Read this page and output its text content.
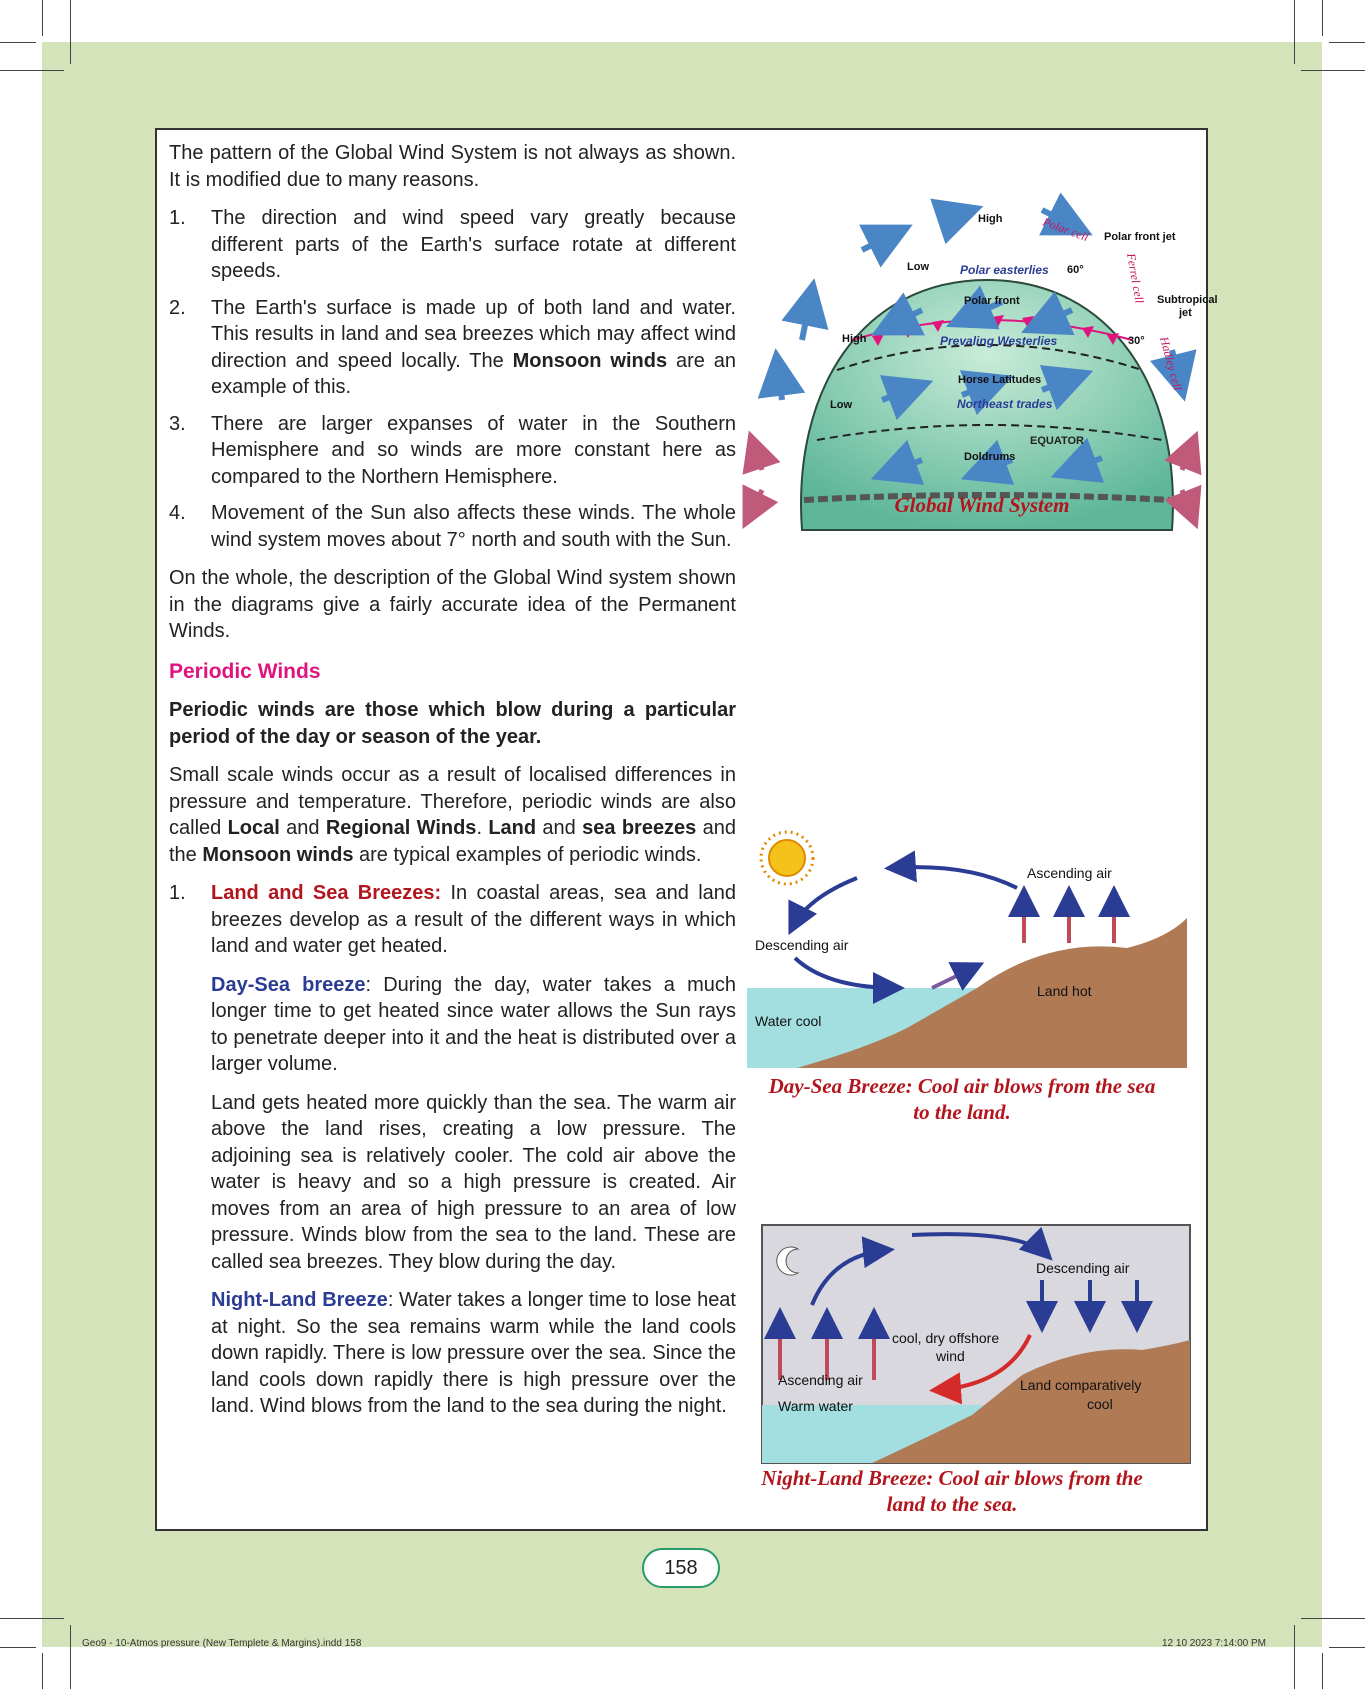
The pattern of the Global Wind System is not always as shown. It is modified due to many reasons.

1. The direction and wind speed vary greatly because different parts of the Earth's surface rotate at different speeds.
2. The Earth's surface is made up of both land and water. This results in land and sea breezes which may affect wind direction and speed locally. The Monsoon winds are an example of this.
3. There are larger expanses of water in the Southern Hemisphere and so winds are more constant here as compared to the Northern Hemisphere.
4. Movement of the Sun also affects these winds. The whole wind system moves about 7° north and south with the Sun.

On the whole, the description of the Global Wind system shown in the diagrams give a fairly accurate idea of the Permanent Winds.

Periodic Winds

Periodic winds are those which blow during a particular period of the day or season of the year.

Small scale winds occur as a result of localised differences in pressure and temperature. Therefore, periodic winds are also called Local and Regional Winds. Land and sea breezes and the Monsoon winds are typical examples of periodic winds.

1. Land and Sea Breezes: In coastal areas, sea and land breezes develop as a result of the different ways in which land and water get heated.

Day-Sea breeze: During the day, water takes a much longer time to get heated since water allows the Sun rays to penetrate deeper into it and the heat is distributed over a larger volume.

Land gets heated more quickly than the sea. The warm air above the land rises, creating a low pressure. The adjoining sea is relatively cooler. The cold air above the water is heavy and so a high pressure is created. Air moves from an area of high pressure to an area of low pressure. Winds blow from the sea to the land. These are called sea breezes. They blow during the day.

Night-Land Breeze: Water takes a longer time to lose heat at night. So the sea remains warm while the land cools down rapidly. There is low pressure over the sea. Since the land cools down rapidly there is high pressure over the land. Wind blows from the land to the sea during the night.

High	Polar cell Polar front jet
Low	Polar easterlies 60°	Ferrel cell
Polar front	Subtropical
jet
High	Prevaling Westerlies	30° Hadley cell
Horse Latitudes
Low	Northeast trades
EQUATOR
Doldrums
Global Wind System
Ascending air
Descending air
Land hot
Water cool
Day-Sea Breeze: Cool air blows from the sea
to the land.
Descending air
cool, dry offshore
wind
Ascending air
Warm water
Land comparatively
cool
Night-Land Breeze: Cool air blows from the
land to the sea.
158
Geo9 - 10-Atmos pressure (New Templete & Margins).indd 158	12 10 2023 7:14:00 PM
